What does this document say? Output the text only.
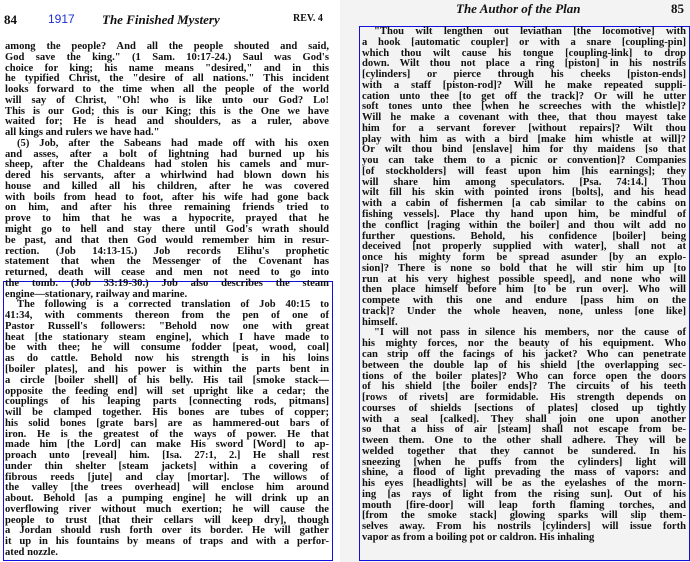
84	1917 The Finished Mystery	REV. 4
among the people? And all the people shouted and said,
God save the king." (1 Sam. 10:17-24.) Saul was God's
choice for king; his name means "desired," and in this
he typified Christ, the "desire of all nations." This incident
looks forward to the time when all the people of the world
will say of Christ, "Oh! who is like unto our God? Lo!
This is our God; this is our King; this is the One we have
waited for; He is head and shoulders, as a ruler, above
all kings and rulers we have had."
(5) Job, after the Sabeans had made off with his oxen
and asses, after a bolt of lightning had burned up his
sheep, after the Chaldeans had stolen his camels and mur-
dered his servants, after a whirlwind had blown down his
house and killed all his children, after he was covered
with boils from head to foot, after his wife had gone back
on him, and after his three remaining friends tried to
prove to him that he was a hypocrite, prayed that he
might go to hell and stay there until God's wrath should
be past, and that then God would remember him in resur-
rection. (Job 14:13-15.) Job records Elihu's prophetic
statement that when the Messenger of the Covenant has
returned, death will cease and men not need to go into
the tomb. (Job 33:19-30.) Job also describes the steam
engine—stationary, railway and marine.
The following is a corrected translation of Job 40:15 to
41:34, with comments thereon from the pen of one of
Pastor Russell's followers: "Behold now one with great
heat [the stationary steam engine], which I have made to
be with thee; he will consume fodder [peat, wood, coal]
as do cattle. Behold now his strength is in his loins
[boiler plates], and his power is within the parts bent in
a circle [boiler shell] of his belly. His tail [smoke stack—
opposite the feeding end] will set upright like a cedar; the
couplings of his leaping parts [connecting rods, pitmans]
will be clamped together. His bones are tubes of copper;
his solid bones [grate bars] are as hammered-out bars of
iron. He is the greatest of the ways of power. He that
made him [the Lord] can make His sword [Word] to ap-
proach unto [reveal] him. [Isa. 27:1, 2.] He shall rest
under thin shelter [steam jackets] within a covering of
fibrous reeds [jute] and clay [mortar]. The willows of
the valley [the trees overhead] will enclose him around
about. Behold [as a pumping engine] he will drink up an
overflowing river without much exertion; he will cause the
people to trust [that their cellars will keep dry], though
a Jordan should rush forth over its border. He will gather
it up in his fountains by means of traps and with a perfor-
ated nozzle.
The Author of the Plan	85
"Thou wilt lengthen out leviathan [the locomotive] with
a hook [automatic coupler] or with a snare [coupling-pin]
which thou wilt cause his tongue [coupling-link] to drop
down. Wilt thou not place a ring [piston] in his nostrils
[cylinders] or pierce through his cheeks [piston-ends]
with a staff [piston-rod]? Will he make repeated suppli-
cation unto thee [to get off the track]? Or will he utter
soft tones unto thee [when he screeches with the whistle]?
Will he make a covenant with thee, that thou mayest take
him for a servant forever [without repairs]? Wilt thou
play with him as with a bird [make him whistle at will]?
Or wilt thou bind [enslave] him for thy maidens [so that
you can take them to a picnic or convention]? Companies
[of stockholders] will feast upon him [his earnings]; they
will share him among speculators. [Psa. 74:14.] Thou
wilt fill his skin with pointed irons [bolts], and his head
with a cabin of fishermen [a cab similar to the cabins on
fishing vessels]. Place thy hand upon him, be mindful of
the conflict [raging within the boiler] and thou wilt add no
further questions. Behold, his confidence [boiler] being
deceived [not properly supplied with water], shall not at
once his mighty form be spread asunder [by an explo-
sion]? There is none so bold that he will stir him up [to
run at his very highest possible speed], and none who will
then place himself before him [to be run over]. Who will
compete with this one and endure [pass him on the
track]? Under the whole heaven, none, unless [one like]
himself.
"I will not pass in silence his members, nor the cause of
his mighty forces, nor the beauty of his equipment. Who
can strip off the facings of his jacket? Who can penetrate
between the double lap of his shield [the overlapping sec-
tions of the boiler plates]? Who can force open the doors
of his shield [the boiler ends]? The circuits of his teeth
[rows of rivets] are formidable. His strength depends on
courses of shields [sections of plates] closed up tightly
with a seal [calked]. They shall join one upon another
so that a hiss of air [steam] shall not escape from be-
tween them. One to the other shall adhere. They will be
welded together that they cannot be sundered. In his
sneezing [when he puffs from the cylinders] light will
shine, a flood of light prevading the mass of vapors: and
his eyes [headlights] will be as the eyelashes of the morn-
ing [as rays of light from the rising sun]. Out of his
mouth [fire-door] will leap forth flaming torches, and
[from the smoke stack] glowing sparks will slip them-
selves away. From his nostrils [cylinders] will issue forth
vapor as from a boiling pot or caldron. His inhaling
